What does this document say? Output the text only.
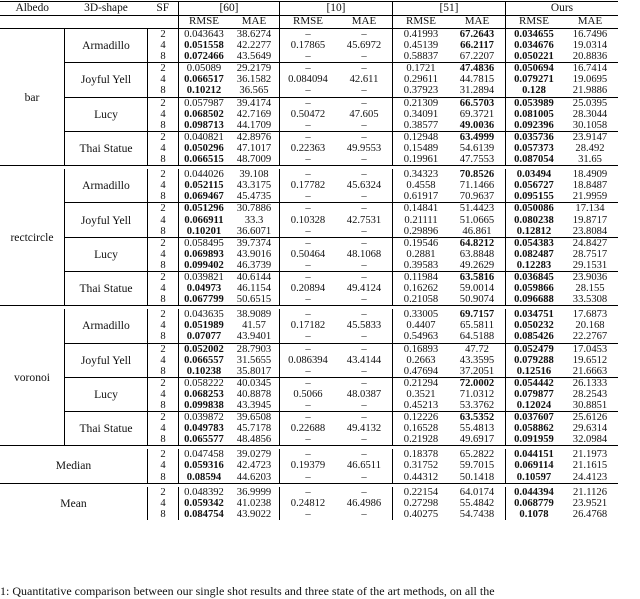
Albedo	3D-shape	SF	[60]		[10]		[51]		Ours	
			RMSE	MAE	RMSE	MAE	RMSE	MAE	RMSE	MAE
bar	Armadillo	2	0.043643	38.6274	–	–	0.41993	67.2643	0.034655	16.7496
		4	0.051558	42.2277	0.17865	45.6972	0.45139	66.2117	0.034676	19.0314
		8	0.072466	43.5649	–	–	0.58837	67.2207	0.050221	20.8836
	Joyful Yell	2	0.05089	29.2179	–	–	0.1721	47.4836	0.050694	16.7414
		4	0.066517	36.1582	0.084094	42.611	0.29611	44.7815	0.079271	19.0695
		8	0.10212	36.565	–	–	0.37923	31.2894	0.128	21.9886
	Lucy	2	0.057987	39.4174	–	–	0.21309	66.5703	0.053989	25.0395
		4	0.068502	42.7169	0.50472	47.605	0.34091	69.3721	0.081005	28.3044
		8	0.098713	44.1709	–	–	0.38577	49.0036	0.092396	30.1058
	Thai Statue	2	0.040821	42.8976	–	–	0.12948	63.4999	0.035736	23.9147
		4	0.050296	47.1017	0.22363	49.9553	0.15489	54.6139	0.057373	28.492
		8	0.066515	48.7009	–	–	0.19961	47.7553	0.087054	31.65

rectcircle	Armadillo	2	0.044026	39.108	–	–	0.34323	70.8526	0.03494	18.4909
		4	0.052115	43.3175	0.17782	45.6324	0.4558	71.1466	0.056727	18.8487
		8	0.069467	45.4735	–	–	0.61917	70.9637	0.095155	21.9959
	Joyful Yell	2	0.051296	30.7886	–	–	0.14841	51.4423	0.050086	17.134
		4	0.066911	33.3	0.10328	42.7531	0.21111	51.0665	0.080238	19.8717
		8	0.10201	36.6071	–	–	0.29896	46.861	0.12812	23.8084
	Lucy	2	0.058495	39.7374	–	–	0.19546	64.8212	0.054383	24.8427
		4	0.069893	43.9016	0.50464	48.1068	0.2881	63.8848	0.082487	28.7517
		8	0.099402	46.3739	–	–	0.39583	49.2629	0.12283	29.1531
	Thai Statue	2	0.039821	40.6144	–	–	0.11984	63.5816	0.036845	23.9036
		4	0.04973	46.1154	0.20894	49.4124	0.16262	59.0014	0.059866	28.155
		8	0.067799	50.6515	–	–	0.21058	50.9074	0.096688	33.5308

voronoi	Armadillo	2	0.043635	38.9089	–	–	0.33005	69.7157	0.034751	17.6873
		4	0.051989	41.57	0.17182	45.5833	0.4407	65.5811	0.050232	20.168
		8	0.07077	43.9401	–	–	0.54963	64.5188	0.085426	22.2767
	Joyful Yell	2	0.052002	28.7903	–	–	0.16893	47.72	0.052479	17.0453
		4	0.066557	31.5655	0.086394	43.4144	0.2663	43.3595	0.079288	19.6512
		8	0.10238	35.8017	–	–	0.47694	37.2051	0.12516	21.6663
	Lucy	2	0.058222	40.0345	–	–	0.21294	72.0002	0.054442	26.1333
		4	0.068253	40.8878	0.5066	48.0387	0.3521	71.0312	0.079877	28.2543
		8	0.099838	43.3945	–	–	0.45213	53.3762	0.12024	30.8851
	Thai Statue	2	0.039872	39.6508	–	–	0.12226	63.5352	0.037607	25.6126
		4	0.049783	45.7178	0.22688	49.4132	0.16528	55.4813	0.058862	29.6314
		8	0.065577	48.4856	–	–	0.21928	49.6917	0.091959	32.0984

Median		2	0.047458	39.0279	–	–	0.18378	65.2822	0.044151	21.1973
		4	0.059316	42.4723	0.19379	46.6511	0.31752	59.7015	0.069114	21.1615
		8	0.08594	44.6203	–	–	0.44312	50.1418	0.10597	24.4123

Mean		2	0.048392	36.9999	–	–	0.22154	64.0174	0.044394	21.1126
		4	0.059342	41.0238	0.24812	46.4986	0.27298	55.4842	0.068779	23.9521
		8	0.084754	43.9022	–	–	0.40275	54.7438	0.1078	26.4768
1: Quantitative comparison between our single shot results and three state of the art methods, on all the
